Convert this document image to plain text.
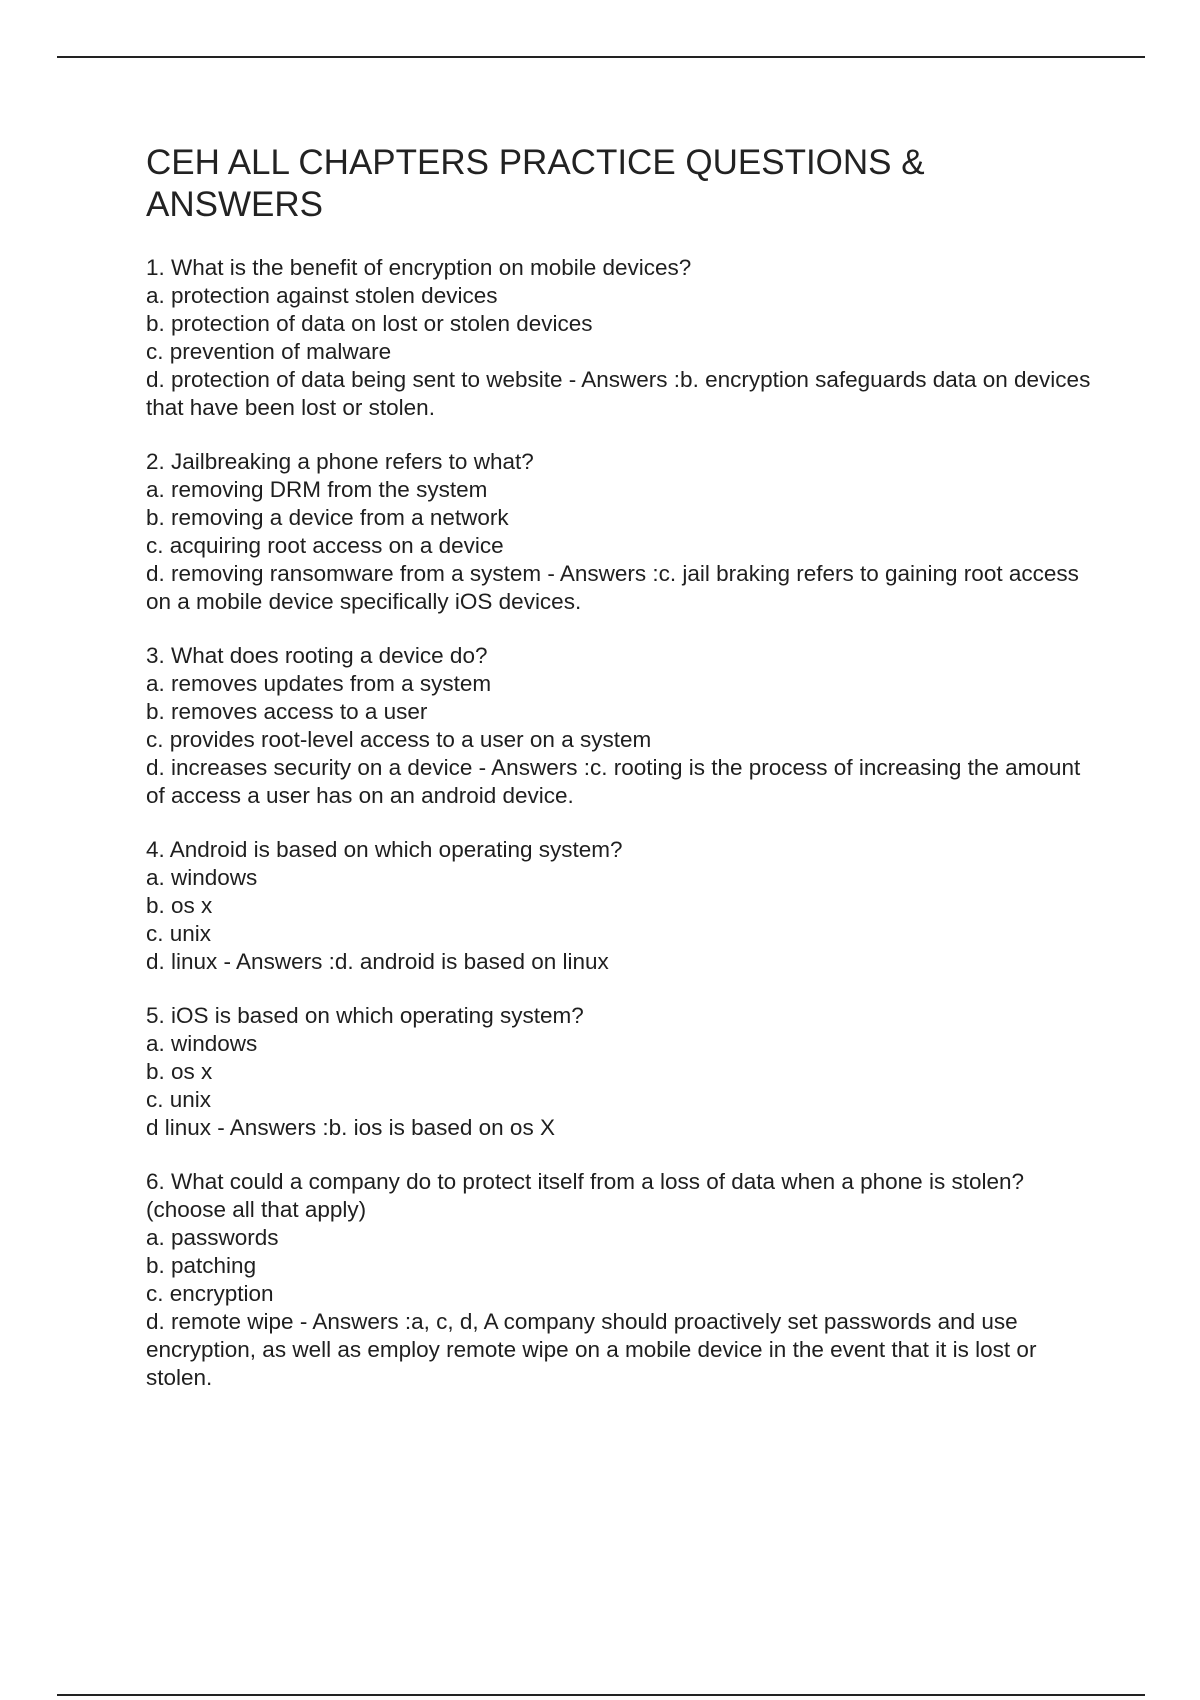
CEH ALL CHAPTERS PRACTICE QUESTIONS & ANSWERS
1. What is the benefit of encryption on mobile devices?
a. protection against stolen devices
b. protection of data on lost or stolen devices
c. prevention of malware
d. protection of data being sent to website - Answers :b. encryption safeguards data on devices that have been lost or stolen.
2. Jailbreaking a phone refers to what?
a. removing DRM from the system
b. removing a device from a network
c. acquiring root access on a device
d. removing ransomware from a system - Answers :c. jail braking refers to gaining root access on a mobile device specifically iOS devices.
3. What does rooting a device do?
a. removes updates from a system
b. removes access to a user
c. provides root-level access to a user on a system
d. increases security on a device - Answers :c. rooting is the process of increasing the amount of access a user has on an android device.
4. Android is based on which operating system?
a. windows
b. os x
c. unix
d. linux - Answers :d. android is based on linux
5. iOS is based on which operating system?
a. windows
b. os x
c. unix
d linux - Answers :b. ios is based on os X
6. What could a company do to protect itself from a loss of data when a phone is stolen? (choose all that apply)
a. passwords
b. patching
c. encryption
d. remote wipe - Answers :a, c, d, A company should proactively set passwords and use encryption, as well as employ remote wipe on a mobile device in the event that it is lost or stolen.
